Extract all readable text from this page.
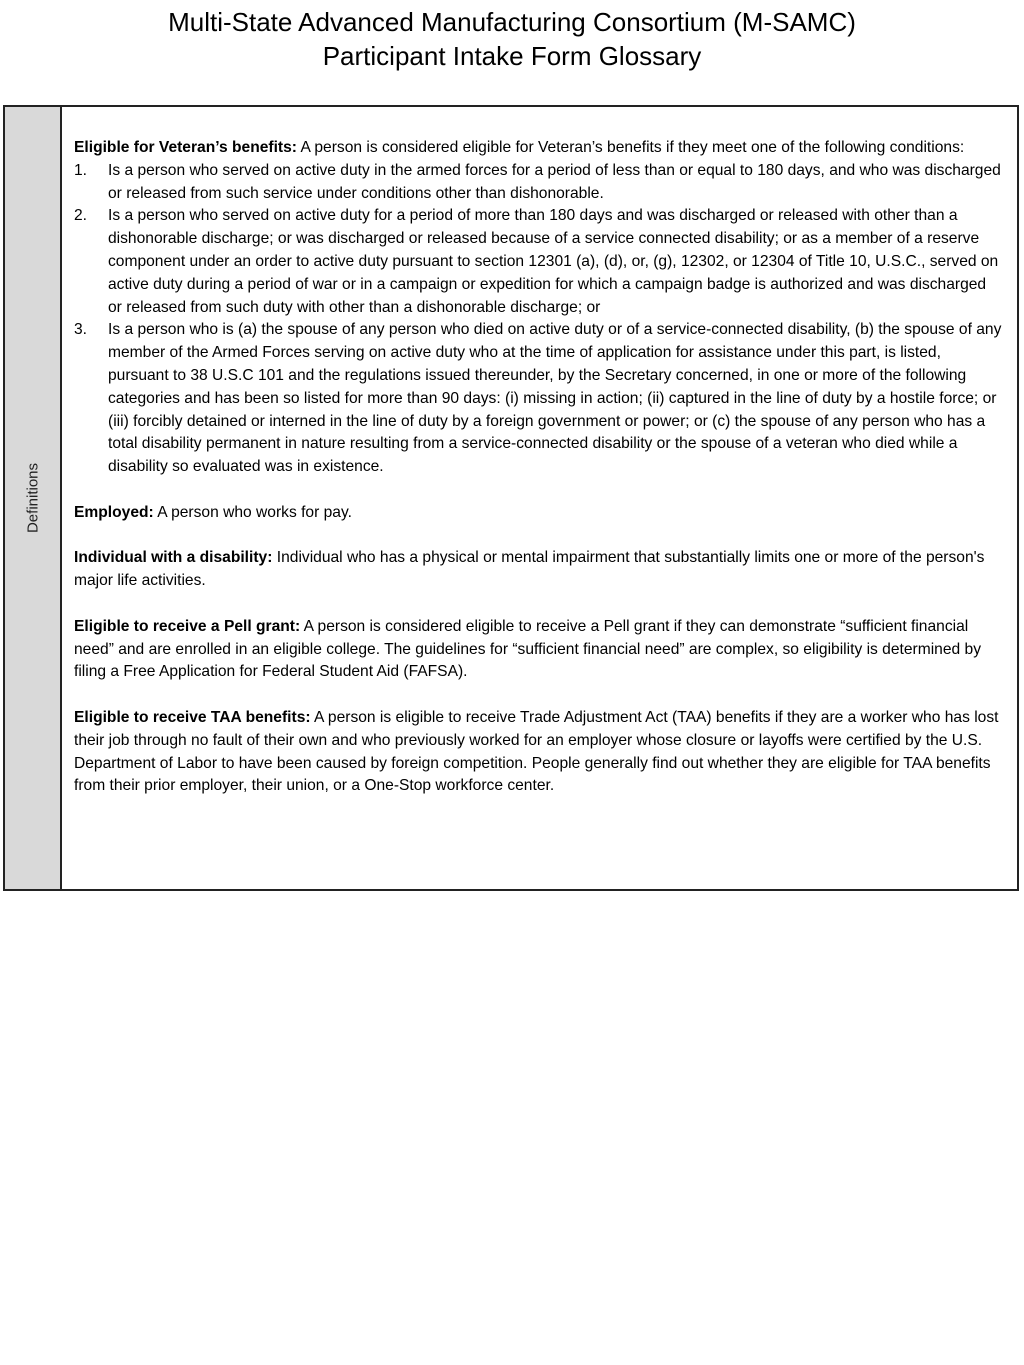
Multi-State Advanced Manufacturing Consortium (M-SAMC)
Participant Intake Form Glossary
Definitions
Eligible for Veteran’s benefits: A person is considered eligible for Veteran’s benefits if they meet one of the following conditions:
1. Is a person who served on active duty in the armed forces for a period of less than or equal to 180 days, and who was discharged or released from such service under conditions other than dishonorable.
2. Is a person who served on active duty for a period of more than 180 days and was discharged or released with other than a dishonorable discharge; or was discharged or released because of a service connected disability; or as a member of a reserve component under an order to active duty pursuant to section 12301 (a), (d), or, (g), 12302, or 12304 of Title 10, U.S.C., served on active duty during a period of war or in a campaign or expedition for which a campaign badge is authorized and was discharged or released from such duty with other than a dishonorable discharge; or
3. Is a person who is (a) the spouse of any person who died on active duty or of a service-connected disability, (b) the spouse of any member of the Armed Forces serving on active duty who at the time of application for assistance under this part, is listed, pursuant to 38 U.S.C 101 and the regulations issued thereunder, by the Secretary concerned, in one or more of the following categories and has been so listed for more than 90 days: (i) missing in action; (ii) captured in the line of duty by a hostile force; or (iii) forcibly detained or interned in the line of duty by a foreign government or power; or (c) the spouse of any person who has a total disability permanent in nature resulting from a service-connected disability or the spouse of a veteran who died while a disability so evaluated was in existence.
Employed: A person who works for pay.
Individual with a disability: Individual who has a physical or mental impairment that substantially limits one or more of the person's major life activities.
Eligible to receive a Pell grant: A person is considered eligible to receive a Pell grant if they can demonstrate “sufficient financial need” and are enrolled in an eligible college. The guidelines for “sufficient financial need” are complex, so eligibility is determined by filing a Free Application for Federal Student Aid (FAFSA).
Eligible to receive TAA benefits: A person is eligible to receive Trade Adjustment Act (TAA) benefits if they are a worker who has lost their job through no fault of their own and who previously worked for an employer whose closure or layoffs were certified by the U.S. Department of Labor to have been caused by foreign competition. People generally find out whether they are eligible for TAA benefits from their prior employer, their union, or a One-Stop workforce center.
